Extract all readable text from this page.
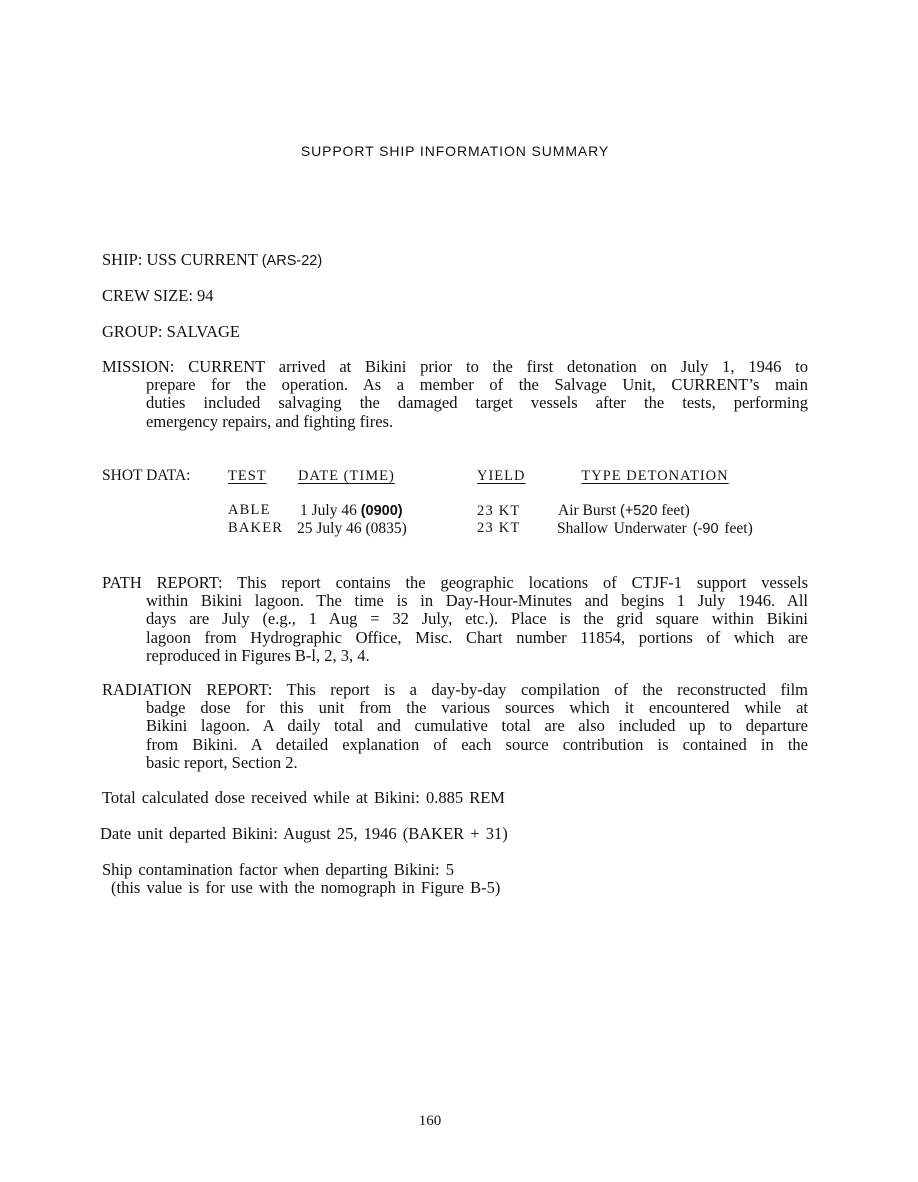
SUPPORT SHIP INFORMATION SUMMARY
SHIP: USS CURRENT (ARS-22)
CREW SIZE: 94
GROUP: SALVAGE
MISSION: CURRENT arrived at Bikini prior to the first detonation on July 1, 1946 to
prepare for the operation. As a member of the Salvage Unit, CURRENT’s main
duties included salvaging the damaged target vessels after the tests, performing
emergency repairs, and fighting fires.
SHOT DATA:	TEST DATE (TIME)	YIELD	TYPE DETONATION
ABLE 1 July 46 (0900)	23 KT Air Burst (+520 feet)
BAKER 25 July 46 (0835)	23 KT Shallow Underwater (-90 feet)
PATH REPORT: This report contains the geographic locations of CTJF-1 support vessels
within Bikini lagoon. The time is in Day-Hour-Minutes and begins 1 July 1946. All
days are July (e.g., 1 Aug = 32 July, etc.). Place is the grid square within Bikini
lagoon from Hydrographic Office, Misc. Chart number 11854, portions of which are
reproduced in Figures B-l, 2, 3, 4.
RADIATION REPORT: This report is a day-by-day compilation of the reconstructed film
badge dose for this unit from the various sources which it encountered while at
Bikini lagoon. A daily total and cumulative total are also included up to departure
from Bikini. A detailed explanation of each source contribution is contained in the
basic report, Section 2.
Total calculated dose received while at Bikini: 0.885 REM
Date unit departed Bikini: August 25, 1946 (BAKER + 31)
Ship contamination factor when departing Bikini: 5
(this value is for use with the nomograph in Figure B-5)
160
